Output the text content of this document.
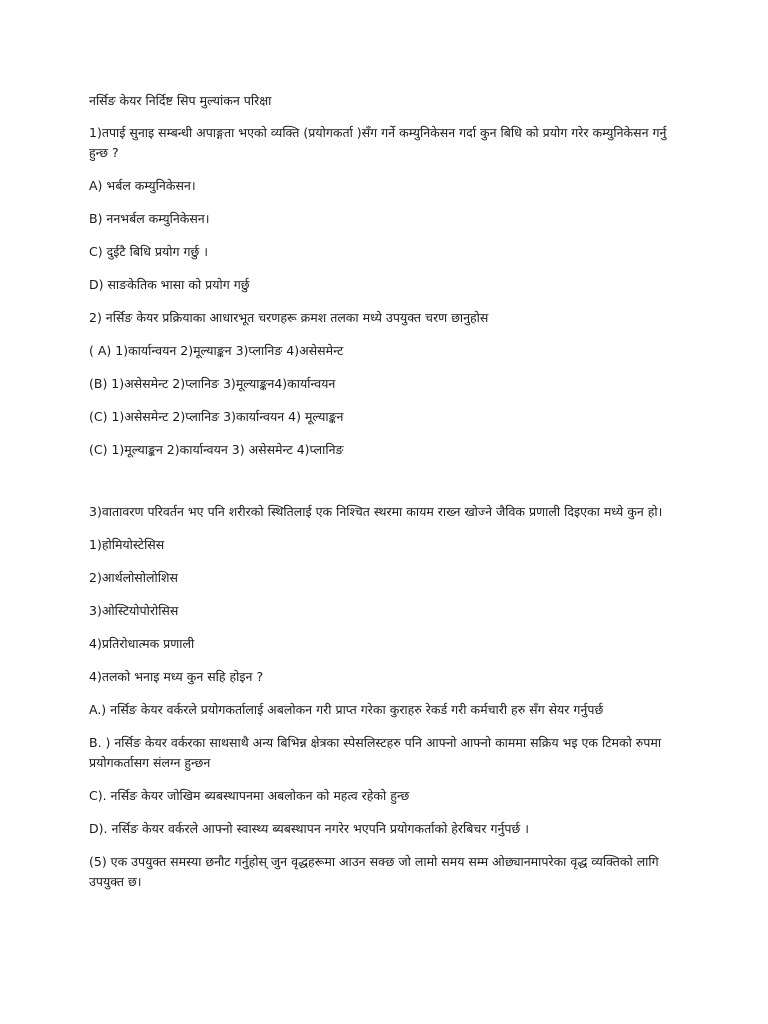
नर्सिङ केयर निर्दिष्ट सिप मुल्यांकन परिक्षा

1)तपाई सुनाइ सम्बन्धी अपाङ्गता भएको व्यक्ति (प्रयोगकर्ता )सँग गर्ने कम्युनिकेसन गर्दा कुन बिधि को प्रयोग गरेर कम्युनिकेसन गर्नु हुन्छ ?

A) भर्बल कम्युनिकेसन।

B) ननभर्बल कम्युनिकेसन।

C) दुईटै बिधि प्रयोग गर्छु ।

D) साङकेतिक भासा को प्रयोग गर्छु

2) नर्सिङ केयर प्रक्रियाका आधारभूत चरणहरू क्रमश तलका मध्ये उपयुक्त चरण छानुहोस

( A) 1)कार्यान्वयन 2)मूल्याङ्कन 3)प्लानिङ 4)असेसमेन्ट

(B) 1)असेसमेन्ट 2)प्लानिङ 3)मूल्याङ्कन4)कार्यान्वयन

(C) 1)असेसमेन्ट 2)प्लानिङ 3)कार्यान्वयन 4) मूल्याङ्कन

(C) 1)मूल्याङ्कन 2)कार्यान्वयन 3) असेसमेन्ट 4)प्लानिङ

3)वातावरण परिवर्तन भए पनि शरीरको स्थितिलाई एक निश्चित स्थरमा कायम राख्न खोज्ने जैविक प्रणाली दिइएका मध्ये कुन हो।

1)होमियोस्टेसिस

2)आर्थलोसोलोशिस

3)ओस्टियोपोरोसिस

4)प्रतिरोधात्मक प्रणाली

4)तलको भनाइ मध्य कुन सहि होइन ?

A.) नर्सिङ केयर वर्करले प्रयोगकर्तालाई अबलोकन गरी प्राप्त गरेका कुराहरु रेकर्ड गरी कर्मचारी हरु सँग सेयर गर्नुपर्छ

B. ) नर्सिङ केयर वर्करका साथसाथै अन्य बिभिन्न क्षेत्रका स्पेसलिस्टहरु पनि आफ्नो आफ्नो काममा सक्रिय भइ एक टिमको रुपमा प्रयोगकर्तासग संलग्न हुन्छन

C). नर्सिङ केयर जोखिम ब्यबस्थापनमा अबलोकन को महत्व रहेको हुन्छ

D). नर्सिङ केयर वर्करले आफ्नो स्वास्थ्य ब्यबस्थापन नगरेर भएपनि प्रयोगकर्ताको हेरबिचर गर्नुपर्छ ।

(5) एक उपयुक्त समस्या छनौट गर्नुहोस् जुन वृद्धहरूमा आउन सक्छ जो लामो समय सम्म ओछ्यानमापरेका वृद्ध व्यक्तिको लागि उपयुक्त छ।
